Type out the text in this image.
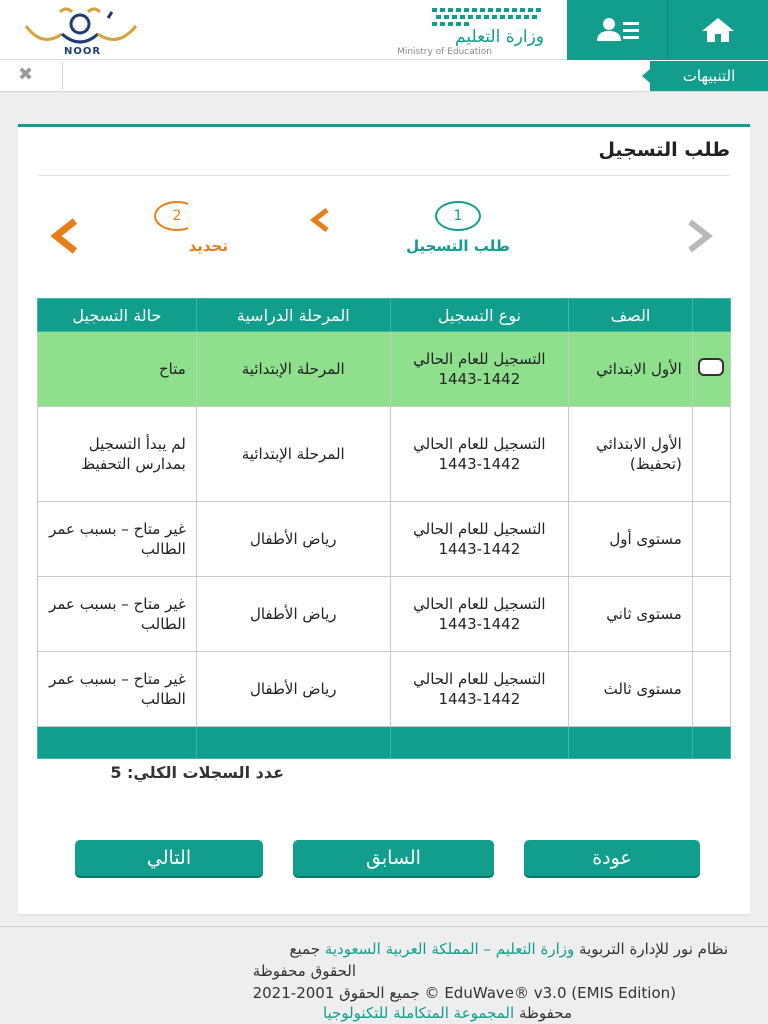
NOOR
وزارة التعليم
Ministry of Education
التنبيهات
✖
طلب التسجيل
1
طلب التسجيل
2
تحديد
	الصف	نوع التسجيل	المرحلة الدراسية	حالة التسجيل
	الأول الابتدائي	التسجيل للعام الحالي 1442-1443	المرحلة الإبتدائية	متاح
	الأول الابتدائي (تحفيظ)	التسجيل للعام الحالي 1442-1443	المرحلة الإبتدائية	لم يبدأ التسجيل بمدارس التحفيظ
	مستوى أول	التسجيل للعام الحالي 1442-1443	رياض الأطفال	غير متاح – بسبب عمر الطالب
	مستوى ثاني	التسجيل للعام الحالي 1442-1443	رياض الأطفال	غير متاح – بسبب عمر الطالب
	مستوى ثالث	التسجيل للعام الحالي 1442-1443	رياض الأطفال	غير متاح – بسبب عمر الطالب

عدد السجلات الكلي: 5
التالي	السابق	عودة
نظام نور للإدارة التربوية وزارة التعليم – المملكة العربية السعودية جميع
الحقوق محفوظة
جميع الحقوق 2001-2021 © EduWave® v3.0 (EMIS Edition)
محفوظة المجموعة المتكاملة للتكنولوجيا
